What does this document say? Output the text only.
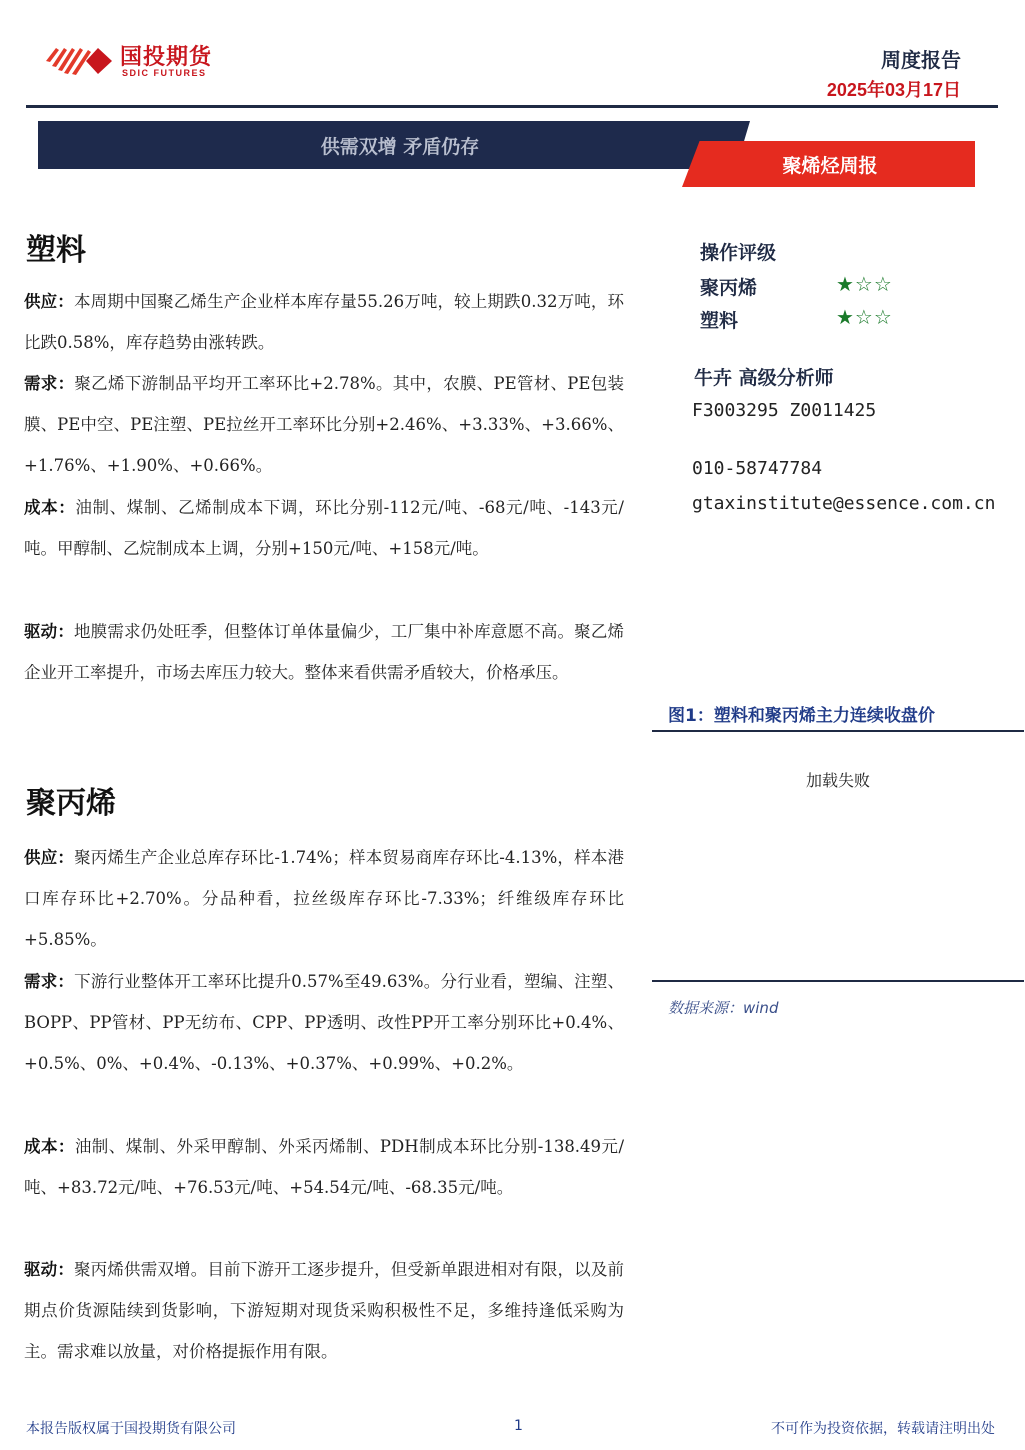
国投期货
SDIC FUTURES
周度报告
2025年03月17日
供需双增 矛盾仍存
聚烯烃周报
塑料
供应：本周期中国聚乙烯生产企业样本库存量55.26万吨，较上期跌0.32万吨，环比跌0.58%，库存趋势由涨转跌。
需求：聚乙烯下游制品平均开工率环比+2.78%。其中，农膜、PE管材、PE包装膜、PE中空、PE注塑、PE拉丝开工率环比分别+2.46%、+3.33%、+3.66%、+1.76%、+1.90%、+0.66%。
成本：油制、煤制、乙烯制成本下调，环比分别-112元/吨、-68元/吨、-143元/吨。甲醇制、乙烷制成本上调，分别+150元/吨、+158元/吨。
驱动：地膜需求仍处旺季，但整体订单体量偏少，工厂集中补库意愿不高。聚乙烯企业开工率提升，市场去库压力较大。整体来看供需矛盾较大，价格承压。
聚丙烯
供应：聚丙烯生产企业总库存环比-1.74%；样本贸易商库存环比-4.13%，样本港口库存环比+2.70%。分品种看，拉丝级库存环比-7.33%；纤维级库存环比+5.85%。
需求：下游行业整体开工率环比提升0.57%至49.63%。分行业看，塑编、注塑、BOPP、PP管材、PP无纺布、CPP、PP透明、改性PP开工率分别环比+0.4%、+0.5%、0%、+0.4%、-0.13%、+0.37%、+0.99%、+0.2%。
成本：油制、煤制、外采甲醇制、外采丙烯制、PDH制成本环比分别-138.49元/吨、+83.72元/吨、+76.53元/吨、+54.54元/吨、-68.35元/吨。
驱动：聚丙烯供需双增。目前下游开工逐步提升，但受新单跟进相对有限，以及前期点价货源陆续到货影响，下游短期对现货采购积极性不足，多维持逢低采购为主。需求难以放量，对价格提振作用有限。
操作评级
聚丙烯	★☆☆
塑料	★☆☆
牛卉 高级分析师
F3003295 Z0011425
010-58747784
gtaxinstitute@essence.com.cn
图1：塑料和聚丙烯主力连续收盘价
加载失败
数据来源：wind
本报告版权属于国投期货有限公司	1	不可作为投资依据，转载请注明出处
